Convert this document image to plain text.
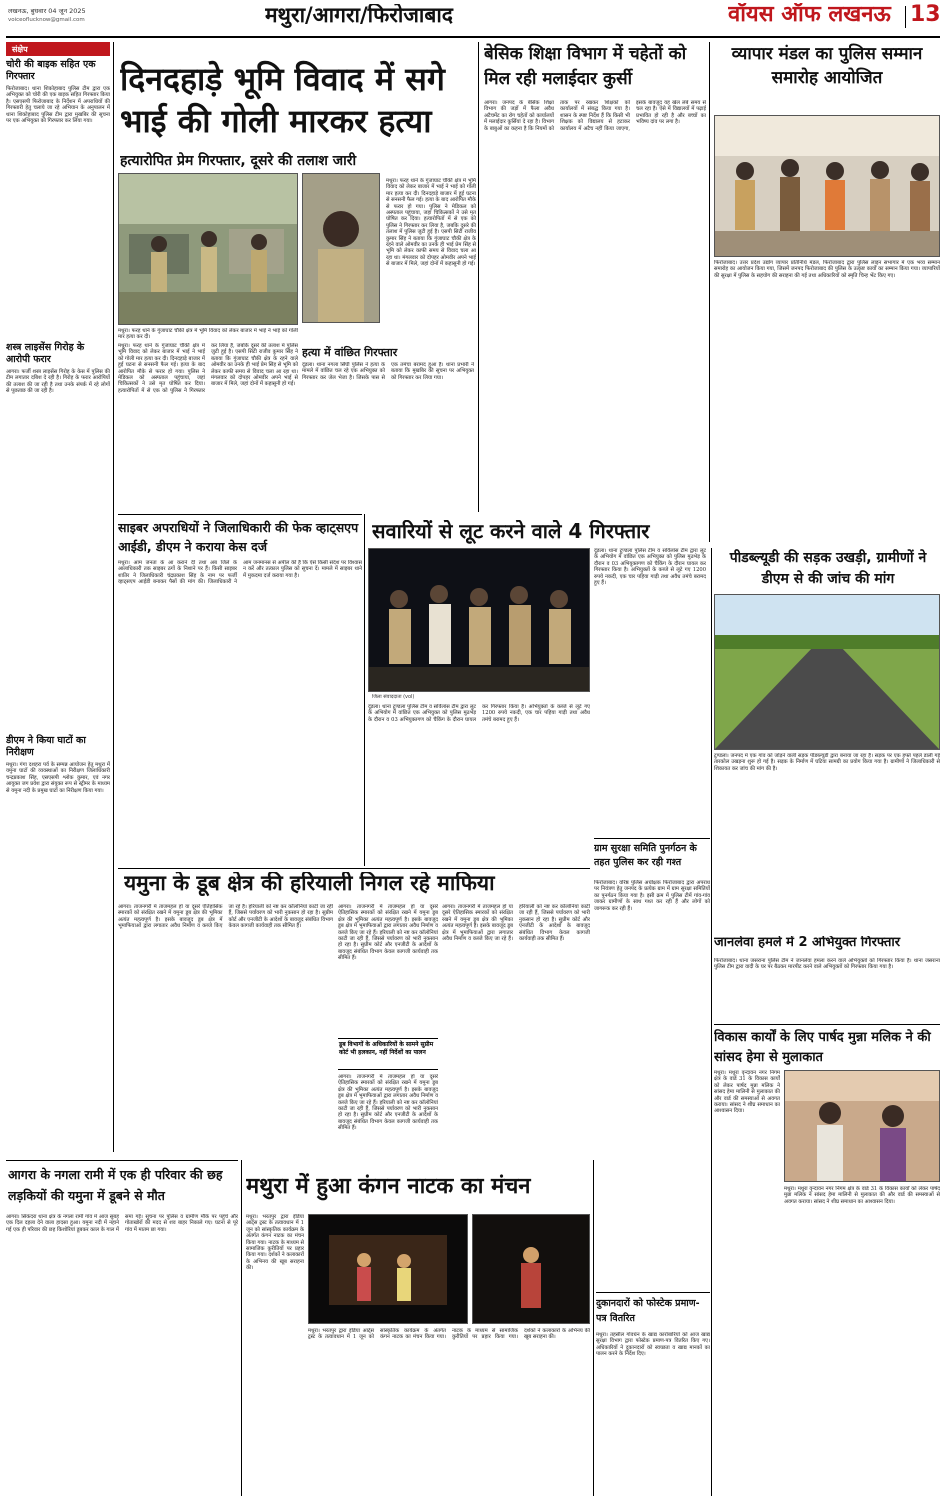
लखनऊ, बुधवार 04 जून 2025
voiceoflucknow@gmail.com	मथुरा/आगरा/फिरोजाबाद	वॉयस ऑफ लखनऊ 13
संक्षेप
चोरी की बाइक सहित एक गिरफ्तार
फिरोजाबाद। थाना शिकोहाबाद पुलिस टीम द्वारा एक अभियुक्त को चोरी की एक बाइक सहित गिरफ्तार किया है। एसएसपी फिरोजाबाद के निर्देशन में अपराधियों की गिरफ्तारी हेतु चलाये जा रहे अभियान के अनुपालन में थाना शिकोहाबाद पुलिस टीम द्वारा मुखबिर की सूचना पर एक अभियुक्त को गिरफ्तार कर लिया गया।
शस्त्र लाइसेंस गिरोह के आरोपी फरार
आगरा। फर्जी शस्त्र लाइसेंस गिरोह के केस में पुलिस की टीम लगातार दबिश दे रही है। गिरोह के फरार आरोपियों की तलाश की जा रही है तथा उनके संपर्क में रहे लोगों से पूछताछ की जा रही है।
डीएम ने किया घाटों का निरीक्षण
मथुरा। गंगा दशहरा पर्व के सम्पन्न आयोजन हेतु मथुरा में यमुना घाटों की व्यवस्थाओं का निरीक्षण जिलाधिकारी चन्द्रप्रकाश सिंह, एसएसपी श्लोक कुमार, एवं नगर आयुक्त जग प्रवेश द्वारा संयुक्त रूप से स्ट्रीमर के माध्यम से यमुना नदी के प्रमुख घाटों का निरीक्षण किया गया।
दिनदहाड़े भूमि विवाद में सगे भाई की गोली मारकर हत्या
हत्यारोपित प्रेम गिरफ्तार, दूसरे की तलाश जारी
मथुरा। फरह थाने के गुंजाघाट चौकी क्षेत्र में भूमि विवाद को लेकर बाजार में भाई ने भाई को गोली मार हत्या कर दी।
मथुरा। फरह थाने के गुंजाघाट चौकी क्षेत्र में भूमि विवाद को लेकर बाजार में भाई ने भाई को गोली मार हत्या कर दी। दिनदहाड़े बाजार में हुई घटना से सनसनी फैल गई। हत्या के बाद आरोपित मौके से फरार हो गया। पुलिस ने मेडिकल को अस्पताल पहुंचाया, जहां चिकित्सकों ने उसे मृत घोषित कर दिया। हत्यारोपितों में से एक को पुलिस ने गिरफ्तार कर लिया है, जबकि दूसरे की तलाश में पुलिस जुटी हुई है। एसपी सिटी राजीव कुमार सिंह ने बताया कि गुंजाघाट चौकी क्षेत्र के रहने वाले ओमवीर का उनके ही भाई प्रेम सिंह से भूमि को लेकर काफी समय से विवाद चला आ रहा था। मंगलवार को दोपहर ओमवीर अपने भाई से बाजार में मिले, जहां दोनों में कहासुनी हो गई।
मथुरा। फरह थाने के गुंजाघाट चौकी क्षेत्र में भूमि विवाद को लेकर बाजार में भाई ने भाई को गोली मार हत्या कर दी। दिनदहाड़े बाजार में हुई घटना से सनसनी फैल गई। हत्या के बाद आरोपित मौके से फरार हो गया। पुलिस ने मेडिकल को अस्पताल पहुंचाया, जहां चिकित्सकों ने उसे मृत घोषित कर दिया। हत्यारोपितों में से एक को पुलिस ने गिरफ्तार कर लिया है, जबकि दूसरे की तलाश में पुलिस जुटी हुई है। एसपी सिटी राजीव कुमार सिंह ने बताया कि गुंजाघाट चौकी क्षेत्र के रहने वाले ओमवीर का उनके ही भाई प्रेम सिंह से भूमि को लेकर काफी समय से विवाद चला आ रहा था। मंगलवार को दोपहर ओमवीर अपने भाई से बाजार में मिले, जहां दोनों में कहासुनी हो गई।
हत्या में वांछित गिरफ्तार
दूंडला। थाना नगला सिंघी पुलिस ने हत्या के मामले में वांछित चल रहे एक अभियुक्त को गिरफ्तार कर जेल भेजा है। जिसके पास से एक तमंचा बरामद हुआ है। थाना प्रभारी ने बताया कि मुखबिर की सूचना पर अभियुक्त को गिरफ्तार कर लिया गया।
बेसिक शिक्षा विभाग में चहेतों को मिल रही मलाईदार कुर्सी
आगरा। जनपद के बेसिक शिक्षा विभाग की जड़ों में फैला अवैध अटैचमेंट का रोग चहेतों को कार्यालयों में मलाईदार कुर्सियां दे रहा है। विभाग के बाबुओं का कहना है कि नियमों को ताक पर रखकर शिक्षकों को कार्यालयों में संबद्ध किया गया है। शासन के स्पष्ट निर्देश हैं कि किसी भी शिक्षक को विद्यालय से हटाकर कार्यालय में अटैच नहीं किया जाएगा, इसके बावजूद यह खेल लंबे समय से चल रहा है। ऐसे में विद्यालयों में पढ़ाई प्रभावित हो रही है और बच्चों का भविष्य दांव पर लगा है।
व्यापार मंडल का पुलिस सम्मान समारोह आयोजित
फिरोजाबाद। उत्तर प्रदेश उद्योग व्यापार प्रतिनिधि मंडल, फिरोजाबाद द्वारा पुलिस लाइन सभागार में एक भव्य सम्मान समारोह का आयोजन किया गया, जिसमें जनपद फिरोजाबाद की पुलिस के उत्कृष्ट कार्यों का सम्मान किया गया। व्यापारियों की सुरक्षा में पुलिस के सहयोग की सराहना की गई तथा अधिकारियों को स्मृति चिन्ह भेंट किए गए।
साइबर अपराधियों ने जिलाधिकारी की फेक व्हाट्सएप आईडी, डीएम ने कराया केस दर्ज
मथुरा। आम जनता के आ कराने दी तथा अब जिले के आलाधिकारी तक साइबर ठगों के निशाने पर हैं। किसी साइबर शातिर ने जिलाधिकारी चंद्रप्रकाश सिंह के नाम पर फर्जी व्हाट्सएप आईडी बनाकर पैसों की मांग की। जिलाधिकारी ने आम जनमानस से अपील की है कि ऐसे किसी संदेश पर विश्वास न करें और तत्काल पुलिस को सूचना दें। मामले में साइबर थाने में मुकदमा दर्ज कराया गया है।
सवारियों से लूट करने वाले 4 गिरफ्तार
जिला संवाददाता (vol)
दूंडला। थाना टूण्डला पुलिस टीम व सर्विलांस टीम द्वारा लूट के अभियोग में वांछित एक अभियुक्त को पुलिस मुठभेड़ के दौरान व 03 अभियुक्तगण को चैकिंग के दौरान घायल कर गिरफ्तार किया है। अभियुक्तों के कब्जे से लूटे गए 1200 रुपये नकदी, एक चार पहिया गाड़ी तथा अवैध तमंचे बरामद हुए हैं।
दूंडला। थाना टूण्डला पुलिस टीम व सर्विलांस टीम द्वारा लूट के अभियोग में वांछित एक अभियुक्त को पुलिस मुठभेड़ के दौरान व 03 अभियुक्तगण को चैकिंग के दौरान घायल कर गिरफ्तार किया है। अभियुक्तों के कब्जे से लूटे गए 1200 रुपये नकदी, एक चार पहिया गाड़ी तथा अवैध तमंचे बरामद हुए हैं।
पीडब्ल्यूडी की सड़क उखड़ी, ग्रामीणों ने डीएम से की जांच की मांग
टूण्डला। जनपद में एक गांव को जोड़ने वाली सड़क पीडब्ल्यूडी द्वारा बनाया जा रहा है। सड़क पर एक हफ्ते पहले डाली गई तारकोल उखड़ना शुरू हो गई है। सड़क के निर्माण में घटिया सामग्री का प्रयोग किया गया है। ग्रामीणों ने जिलाधिकारी से शिकायत कर जांच की मांग की है।
ग्राम सुरक्षा समिति पुनर्गठन के तहत पुलिस कर रही गश्त
फिरोजाबाद। वरिष्ठ पुलिस अधीक्षक फिरोजाबाद द्वारा अपराध पर नियंत्रण हेतु जनपद के प्रत्येक ग्राम में ग्राम सुरक्षा समितियों का पुनर्गठन किया गया है। इसी क्रम में पुलिस टीमें गांव-गांव जाकर ग्रामीणों के साथ गश्त कर रही हैं और लोगों को जागरूक कर रही हैं।
जानलेवा हमले में 2 अभियुक्त गिरफ्तार
फिरोजाबाद। थाना जसराना पुलिस टीम ने जानलेवा हमला करने वाले अभियुक्तों को गिरफ्तार किया है। थाना जसराना पुलिस टीम द्वारा वादी के घर पर बैठकर मारपीट करने वाले अभियुक्तों को गिरफ्तार किया गया है।
विकास कार्यों के लिए पार्षद मुन्ना मलिक ने की सांसद हेमा से मुलाकात
मथुरा। मथुरा वृन्दावन नगर निगम क्षेत्र के वार्ड 31 के विकास कार्यों को लेकर पार्षद मुन्ना मलिक ने सांसद हेमा मालिनी से मुलाकात की और वार्ड की समस्याओं से अवगत कराया। सांसद ने शीघ्र समाधान का आश्वासन दिया।
मथुरा। मथुरा वृन्दावन नगर निगम क्षेत्र के वार्ड 31 के विकास कार्यों को लेकर पार्षद मुन्ना मलिक ने सांसद हेमा मालिनी से मुलाकात की और वार्ड की समस्याओं से अवगत कराया। सांसद ने शीघ्र समाधान का आश्वासन दिया।
यमुना के डूब क्षेत्र की हरियाली निगल रहे माफिया
आगरा। ताजनगरी में ताजमहल हो या दूसरे ऐतिहासिक स्मारकों को संरक्षित रखने में यमुना डूब क्षेत्र की भूमिका अत्यंत महत्वपूर्ण है। इसके बावजूद डूब क्षेत्र में भूमाफियाओं द्वारा लगातार अवैध निर्माण व कब्जे किए जा रहे हैं। हरियाली को नष्ट कर कॉलोनियां काटी जा रही हैं, जिससे पर्यावरण को भारी नुकसान हो रहा है। सुप्रीम कोर्ट और एनजीटी के आदेशों के बावजूद संबंधित विभाग केवल कागजी कार्यवाही तक सीमित हैं।
आगरा। ताजनगरी में ताजमहल हो या दूसरे ऐतिहासिक स्मारकों को संरक्षित रखने में यमुना डूब क्षेत्र की भूमिका अत्यंत महत्वपूर्ण है। इसके बावजूद डूब क्षेत्र में भूमाफियाओं द्वारा लगातार अवैध निर्माण व कब्जे किए जा रहे हैं। हरियाली को नष्ट कर कॉलोनियां काटी जा रही हैं, जिससे पर्यावरण को भारी नुकसान हो रहा है। सुप्रीम कोर्ट और एनजीटी के आदेशों के बावजूद संबंधित विभाग केवल कागजी कार्यवाही तक सीमित हैं।
डूब विभागों के अधिकारियों के सामने सुप्रीम कोर्ट भी हलकान, नहीं निर्देशों का पालन
आगरा। ताजनगरी में ताजमहल हो या दूसरे ऐतिहासिक स्मारकों को संरक्षित रखने में यमुना डूब क्षेत्र की भूमिका अत्यंत महत्वपूर्ण है। इसके बावजूद डूब क्षेत्र में भूमाफियाओं द्वारा लगातार अवैध निर्माण व कब्जे किए जा रहे हैं। हरियाली को नष्ट कर कॉलोनियां काटी जा रही हैं, जिससे पर्यावरण को भारी नुकसान हो रहा है। सुप्रीम कोर्ट और एनजीटी के आदेशों के बावजूद संबंधित विभाग केवल कागजी कार्यवाही तक सीमित हैं।
आगरा। ताजनगरी में ताजमहल हो या दूसरे ऐतिहासिक स्मारकों को संरक्षित रखने में यमुना डूब क्षेत्र की भूमिका अत्यंत महत्वपूर्ण है। इसके बावजूद डूब क्षेत्र में भूमाफियाओं द्वारा लगातार अवैध निर्माण व कब्जे किए जा रहे हैं। हरियाली को नष्ट कर कॉलोनियां काटी जा रही हैं, जिससे पर्यावरण को भारी नुकसान हो रहा है। सुप्रीम कोर्ट और एनजीटी के आदेशों के बावजूद संबंधित विभाग केवल कागजी कार्यवाही तक सीमित हैं।
आगरा के नगला रामी में एक ही परिवार की छह लड़कियों की यमुना में डूबने से मौत
आगरा। सिकंदरा थाना क्षेत्र के नगला रामी गांव में आज सुबह एक दिल दहला देने वाला हादसा हुआ। यमुना नदी में नहाने गई एक ही परिवार की छह किशोरियां डूबकर काल के गाल में समा गईं। सूचना पर पुलिस व ग्रामीण मौके पर पहुंचे और गोताखोरों की मदद से शव बाहर निकाले गए। घटना से पूरे गांव में मातम छा गया।
मथुरा में हुआ कंगन नाटक का मंचन
मथुरा। भरतपुर द्वारा इंडिया आर्ट्स ट्रस्ट के तत्वावधान में 1 जून को सांस्कृतिक कार्यक्रम के अंतर्गत कंगन नाटक का मंचन किया गया। नाटक के माध्यम से सामाजिक कुरीतियों पर प्रहार किया गया। दर्शकों ने कलाकारों के अभिनय की खूब सराहना की।
मथुरा। भरतपुर द्वारा इंडिया आर्ट्स ट्रस्ट के तत्वावधान में 1 जून को सांस्कृतिक कार्यक्रम के अंतर्गत कंगन नाटक का मंचन किया गया। नाटक के माध्यम से सामाजिक कुरीतियों पर प्रहार किया गया। दर्शकों ने कलाकारों के अभिनय की खूब सराहना की।
दुकानदारों को फोस्टेक प्रमाण-पत्र वितरित
मथुरा। तहसील गोवर्धन के खाद्य कारोबारियों को आज खाद्य सुरक्षा विभाग द्वारा फोस्टेक प्रमाण-पत्र वितरित किए गए। अधिकारियों ने दुकानदारों को स्वच्छता व खाद्य मानकों का पालन करने के निर्देश दिए।
